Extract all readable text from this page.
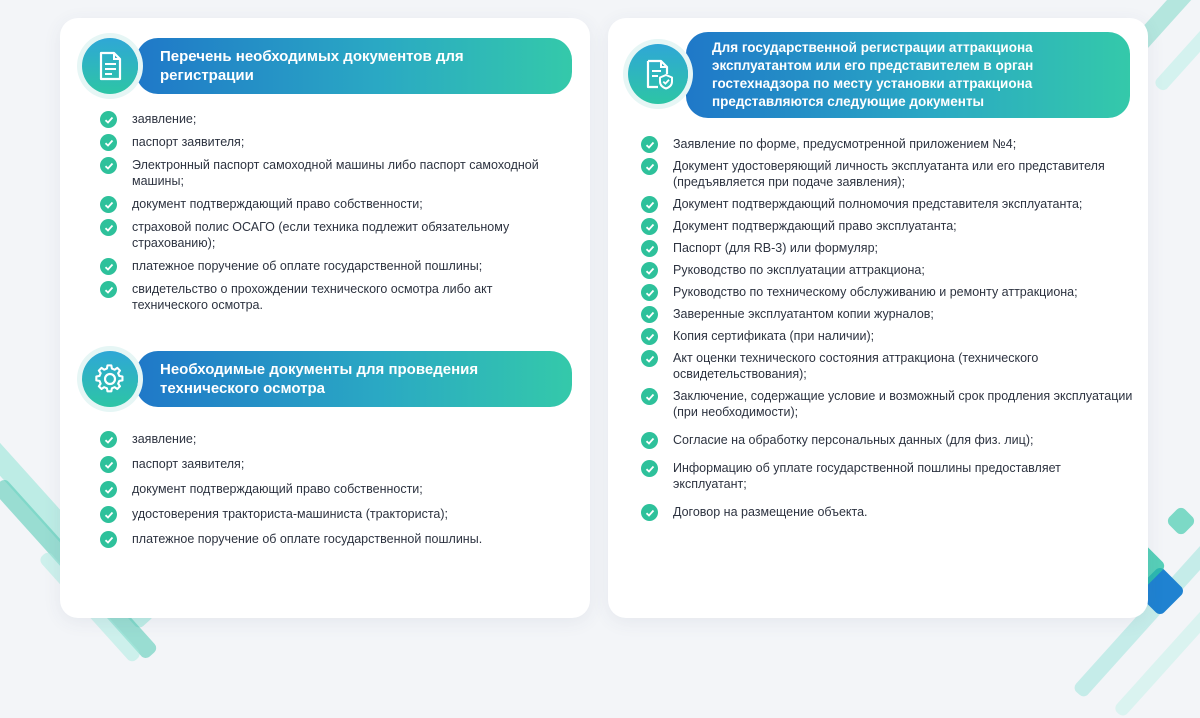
Перечень необходимых документов для регистрации
заявление;
паспорт заявителя;
Электронный паспорт самоходной машины либо паспорт самоходной машины;
документ подтверждающий право собственности;
страховой полис ОСАГО (если техника подлежит обязательному страхованию);
платежное поручение об оплате государственной пошлины;
свидетельство о прохождении технического осмотра либо акт технического осмотра.
Необходимые документы для проведения технического осмотра
заявление;
паспорт заявителя;
документ подтверждающий право собственности;
удостоверения тракториста-машиниста (тракториста);
платежное поручение об оплате государственной пошлины.
Для государственной регистрации аттракциона эксплуатантом или его представителем в орган гостехнадзора по месту установки аттракциона представляются следующие документы
Заявление по форме, предусмотренной приложением №4;
Документ удостоверяющий личность эксплуатанта или его представителя (предъявляется при подаче заявления);
Документ подтверждающий полномочия представителя эксплуатанта;
Документ подтверждающий право эксплуатанта;
Паспорт (для RB-3) или формуляр;
Руководство по эксплуатации аттракциона;
Руководство по техническому обслуживанию и ремонту аттракциона;
Заверенные эксплуатантом копии журналов;
Копия сертификата (при наличии);
Акт оценки технического состояния аттракциона (технического освидетельствования);
Заключение, содержащие условие и возможный срок продления эксплуатации (при необходимости);
Согласие на обработку персональных данных (для физ. лиц);
Информацию об уплате государственной пошлины предоставляет эксплуатант;
Договор на размещение объекта.
